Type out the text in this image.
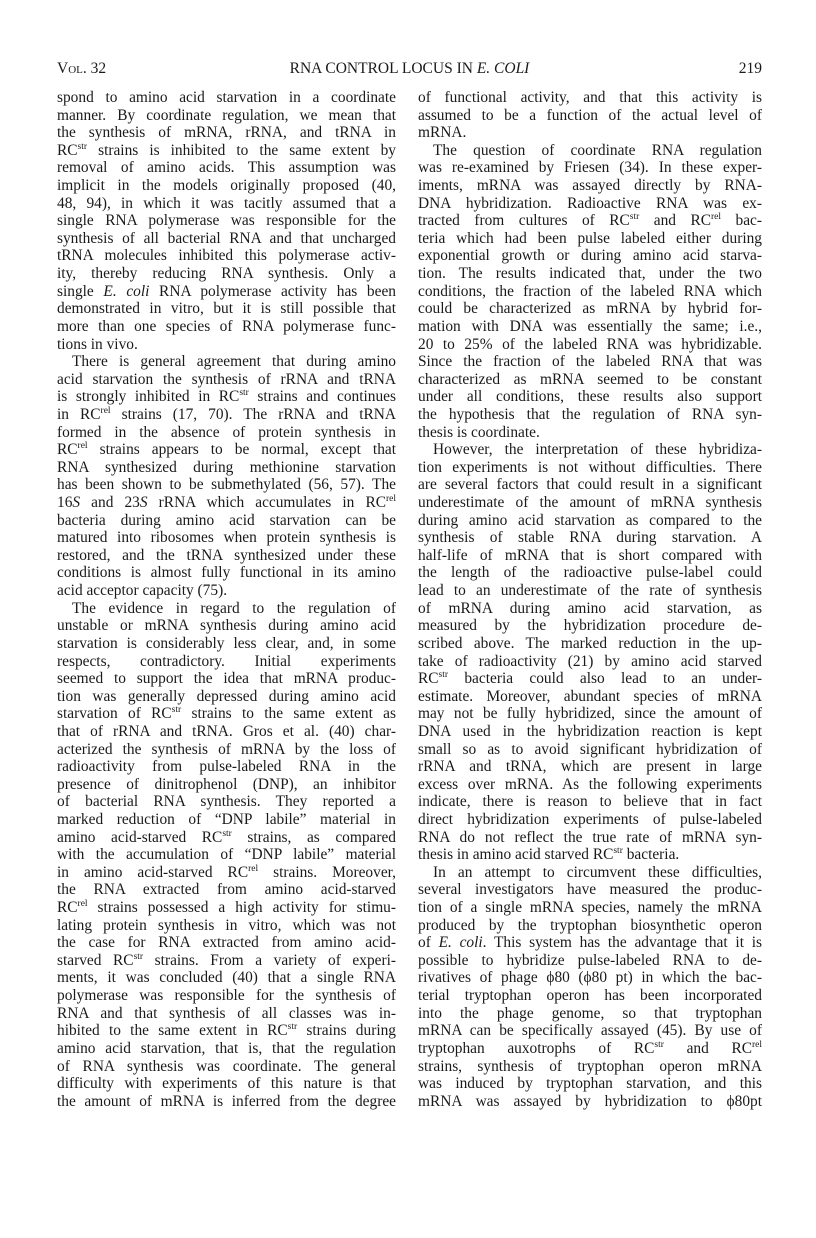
Vol. 32	RNA CONTROL LOCUS IN E. COLI	219
spond to amino acid starvation in a coordinate
manner. By coordinate regulation, we mean that
the synthesis of mRNA, rRNA, and tRNA in
$RC^{str}$ strains is inhibited to the same extent by
removal of amino acids. This assumption was
implicit in the models originally proposed (40,
48, 94), in which it was tacitly assumed that a
single RNA polymerase was responsible for the
synthesis of all bacterial RNA and that uncharged
tRNA molecules inhibited this polymerase activ-
ity, thereby reducing RNA synthesis. Only a
single E. coli RNA polymerase activity has been
demonstrated in vitro, but it is still possible that
more than one species of RNA polymerase func-
tions in vivo.
There is general agreement that during amino
acid starvation the synthesis of rRNA and tRNA
is strongly inhibited in $RC^{str}$ strains and continues
in $RC^{rel}$ strains (17, 70). The rRNA and tRNA
formed in the absence of protein synthesis in
$RC^{rel}$ strains appears to be normal, except that
RNA synthesized during methionine starvation
has been shown to be submethylated (56, 57). The
16S and 23S rRNA which accumulates in $RC^{rel}$
bacteria during amino acid starvation can be
matured into ribosomes when protein synthesis is
restored, and the tRNA synthesized under these
conditions is almost fully functional in its amino
acid acceptor capacity (75).
The evidence in regard to the regulation of
unstable or mRNA synthesis during amino acid
starvation is considerably less clear, and, in some
respects, contradictory. Initial experiments
seemed to support the idea that mRNA produc-
tion was generally depressed during amino acid
starvation of $RC^{str}$ strains to the same extent as
that of rRNA and tRNA. Gros et al. (40) char-
acterized the synthesis of mRNA by the loss of
radioactivity from pulse-labeled RNA in the
presence of dinitrophenol (DNP), an inhibitor
of bacterial RNA synthesis. They reported a
marked reduction of “DNP labile” material in
amino acid-starved $RC^{str}$ strains, as compared
with the accumulation of “DNP labile” material
in amino acid-starved $RC^{rel}$ strains. Moreover,
the RNA extracted from amino acid-starved
$RC^{rel}$ strains possessed a high activity for stimu-
lating protein synthesis in vitro, which was not
the case for RNA extracted from amino acid-
starved $RC^{str}$ strains. From a variety of experi-
ments, it was concluded (40) that a single RNA
polymerase was responsible for the synthesis of
RNA and that synthesis of all classes was in-
hibited to the same extent in $RC^{str}$ strains during
amino acid starvation, that is, that the regulation
of RNA synthesis was coordinate. The general
difficulty with experiments of this nature is that
the amount of mRNA is inferred from the degree
of functional activity, and that this activity is
assumed to be a function of the actual level of
mRNA.
The question of coordinate RNA regulation
was re-examined by Friesen (34). In these exper-
iments, mRNA was assayed directly by RNA-
DNA hybridization. Radioactive RNA was ex-
tracted from cultures of $RC^{str}$ and $RC^{rel}$ bac-
teria which had been pulse labeled either during
exponential growth or during amino acid starva-
tion. The results indicated that, under the two
conditions, the fraction of the labeled RNA which
could be characterized as mRNA by hybrid for-
mation with DNA was essentially the same; i.e.,
20 to 25% of the labeled RNA was hybridizable.
Since the fraction of the labeled RNA that was
characterized as mRNA seemed to be constant
under all conditions, these results also support
the hypothesis that the regulation of RNA syn-
thesis is coordinate.
However, the interpretation of these hybridiza-
tion experiments is not without difficulties. There
are several factors that could result in a significant
underestimate of the amount of mRNA synthesis
during amino acid starvation as compared to the
synthesis of stable RNA during starvation. A
half-life of mRNA that is short compared with
the length of the radioactive pulse-label could
lead to an underestimate of the rate of synthesis
of mRNA during amino acid starvation, as
measured by the hybridization procedure de-
scribed above. The marked reduction in the up-
take of radioactivity (21) by amino acid starved
$RC^{str}$ bacteria could also lead to an under-
estimate. Moreover, abundant species of mRNA
may not be fully hybridized, since the amount of
DNA used in the hybridization reaction is kept
small so as to avoid significant hybridization of
rRNA and tRNA, which are present in large
excess over mRNA. As the following experiments
indicate, there is reason to believe that in fact
direct hybridization experiments of pulse-labeled
RNA do not reflect the true rate of mRNA syn-
thesis in amino acid starved $RC^{str}$ bacteria.
In an attempt to circumvent these difficulties,
several investigators have measured the produc-
tion of a single mRNA species, namely the mRNA
produced by the tryptophan biosynthetic operon
of E. coli. This system has the advantage that it is
possible to hybridize pulse-labeled RNA to de-
rivatives of phage ϕ80 (ϕ80 pt) in which the bac-
terial tryptophan operon has been incorporated
into the phage genome, so that tryptophan
mRNA can be specifically assayed (45). By use of
tryptophan auxotrophs of $RC^{str}$ and $RC^{rel}$
strains, synthesis of tryptophan operon mRNA
was induced by tryptophan starvation, and this
mRNA was assayed by hybridization to ϕ80pt
